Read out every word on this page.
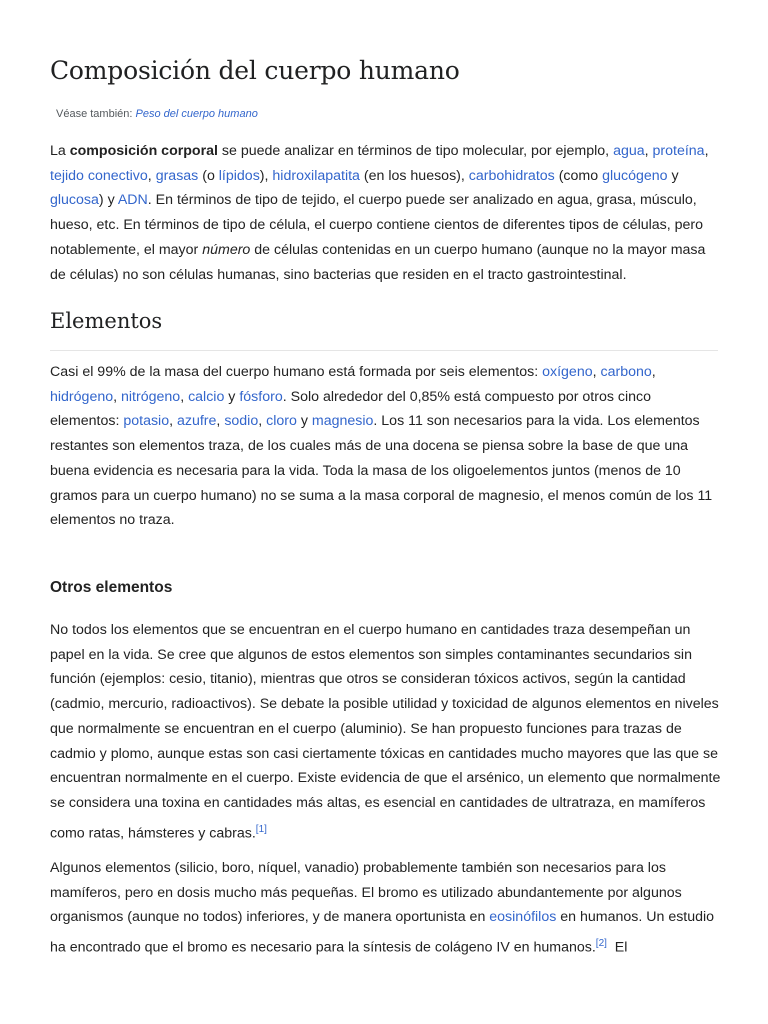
Composición del cuerpo humano
Véase también: Peso del cuerpo humano

La composición corporal se puede analizar en términos de tipo molecular, por ejemplo, agua, proteína, tejido conectivo, grasas (o lípidos), hidroxilapatita (en los huesos), carbohidratos (como glucógeno y glucosa) y ADN. En términos de tipo de tejido, el cuerpo puede ser analizado en agua, grasa, músculo, hueso, etc. En términos de tipo de célula, el cuerpo contiene cientos de diferentes tipos de células, pero notablemente, el mayor número de células contenidas en un cuerpo humano (aunque no la mayor masa de células) no son células humanas, sino bacterias que residen en el tracto gastrointestinal.

Elementos

Casi el 99% de la masa del cuerpo humano está formada por seis elementos: oxígeno, carbono, hidrógeno, nitrógeno, calcio y fósforo. Solo alrededor del 0,85% está compuesto por otros cinco elementos: potasio, azufre, sodio, cloro y magnesio. Los 11 son necesarios para la vida. Los elementos restantes son elementos traza, de los cuales más de una docena se piensa sobre la base de que una buena evidencia es necesaria para la vida. Toda la masa de los oligoelementos juntos (menos de 10 gramos para un cuerpo humano) no se suma a la masa corporal de magnesio, el menos común de los 11 elementos no traza.

Otros elementos

No todos los elementos que se encuentran en el cuerpo humano en cantidades traza desempeñan un papel en la vida. Se cree que algunos de estos elementos son simples contaminantes secundarios sin función (ejemplos: cesio, titanio), mientras que otros se consideran tóxicos activos, según la cantidad (cadmio, mercurio, radioactivos). Se debate la posible utilidad y toxicidad de algunos elementos en niveles que normalmente se encuentran en el cuerpo (aluminio). Se han propuesto funciones para trazas de cadmio y plomo, aunque estas son casi ciertamente tóxicas en cantidades mucho mayores que las que se encuentran normalmente en el cuerpo. Existe evidencia de que el arsénico, un elemento que normalmente se considera una toxina en cantidades más altas, es esencial en cantidades de ultratraza, en mamíferos como ratas, hámsteres y cabras.[1]

Algunos elementos (silicio, boro, níquel, vanadio) probablemente también son necesarios para los mamíferos, pero en dosis mucho más pequeñas. El bromo es utilizado abundantemente por algunos organismos (aunque no todos) inferiores, y de manera oportunista en eosinófilos en humanos. Un estudio ha encontrado que el bromo es necesario para la síntesis de colágeno IV en humanos.[2]  El
